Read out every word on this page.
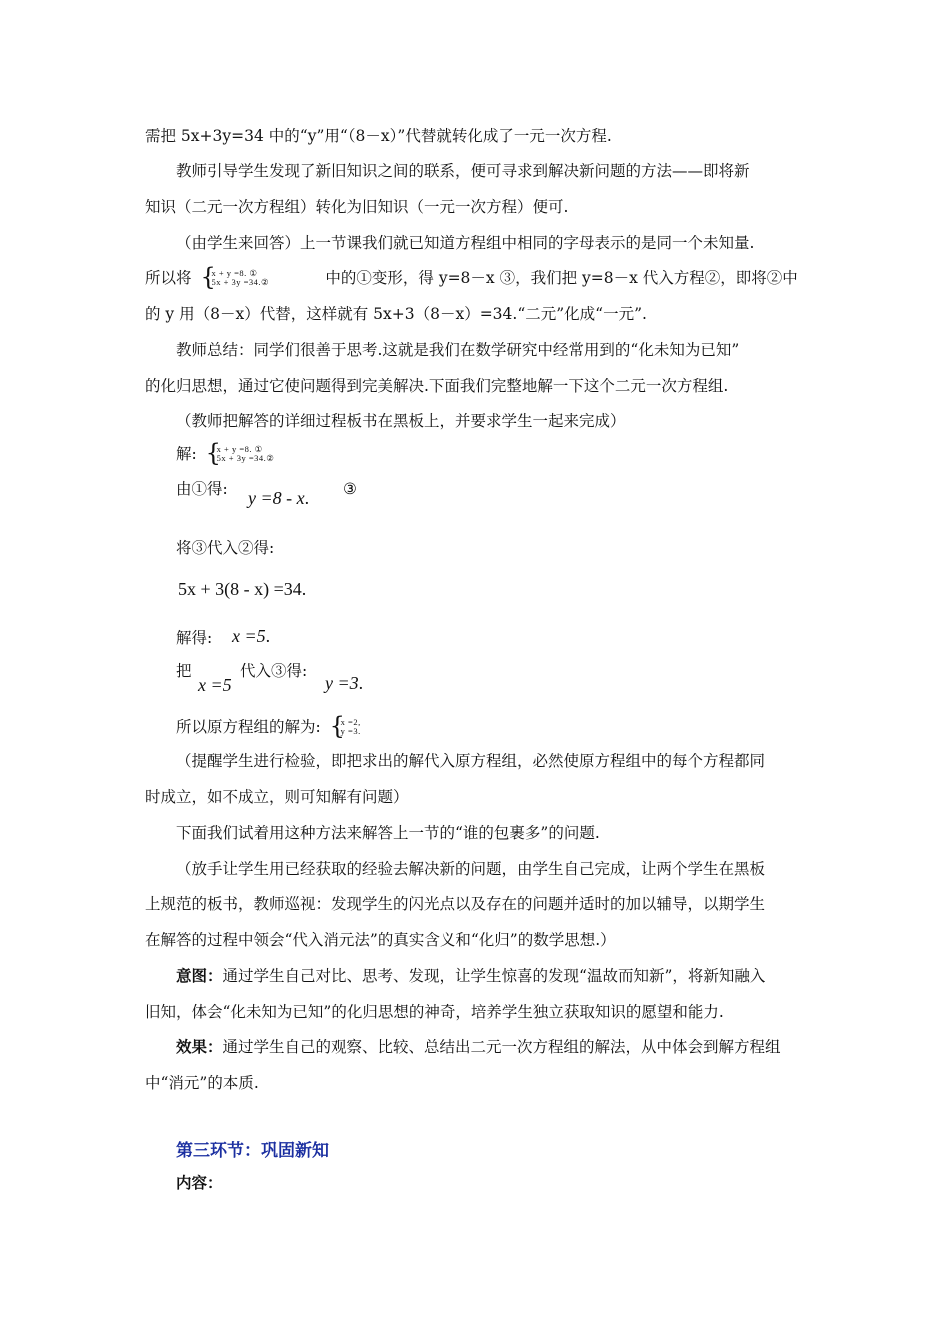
需把 5x+3y=34 中的“y”用“（8－x）”代替就转化成了一元一次方程.
教师引导学生发现了新旧知识之间的联系，便可寻求到解决新问题的方法——即将新
知识（二元一次方程组）转化为旧知识（一元一次方程）便可.
（由学生来回答）上一节课我们就已知道方程组中相同的字母表示的是同一个未知量.
所以将 {
x + y =8. ①
5x + 3y =34.②	中的①变形，得 y=8－x ③，我们把 y=8－x 代入方程②，即将②中
的 y 用（8－x）代替，这样就有 5x+3（8－x）=34.“二元”化成“一元”.
教师总结：同学们很善于思考.这就是我们在数学研究中经常用到的“化未知为已知”
的化归思想，通过它使问题得到完美解决.下面我们完整地解一下这个二元一次方程组.
（教师把解答的详细过程板书在黑板上，并要求学生一起来完成）
解: {
x + y =8. ①
5x + 3y =34.②
由①得: y =8 - x. ③
将③代入②得:
5x + 3(8 - x) =34.
解得: x =5.
把
x =5
代入③得:
y =3.
所以原方程组的解为: {
x =2,
y =3.
（提醒学生进行检验，即把求出的解代入原方程组，必然使原方程组中的每个方程都同
时成立，如不成立，则可知解有问题）
下面我们试着用这种方法来解答上一节的“谁的包裹多”的问题.
（放手让学生用已经获取的经验去解决新的问题，由学生自己完成，让两个学生在黑板
上规范的板书，教师巡视：发现学生的闪光点以及存在的问题并适时的加以辅导，以期学生
在解答的过程中领会“代入消元法”的真实含义和“化归”的数学思想.）
意图：通过学生自己对比、思考、发现，让学生惊喜的发现“温故而知新”，将新知融入
旧知，体会“化未知为已知”的化归思想的神奇，培养学生独立获取知识的愿望和能力.
效果：通过学生自己的观察、比较、总结出二元一次方程组的解法，从中体会到解方程组
中“消元”的本质.
第三环节：巩固新知
内容：
